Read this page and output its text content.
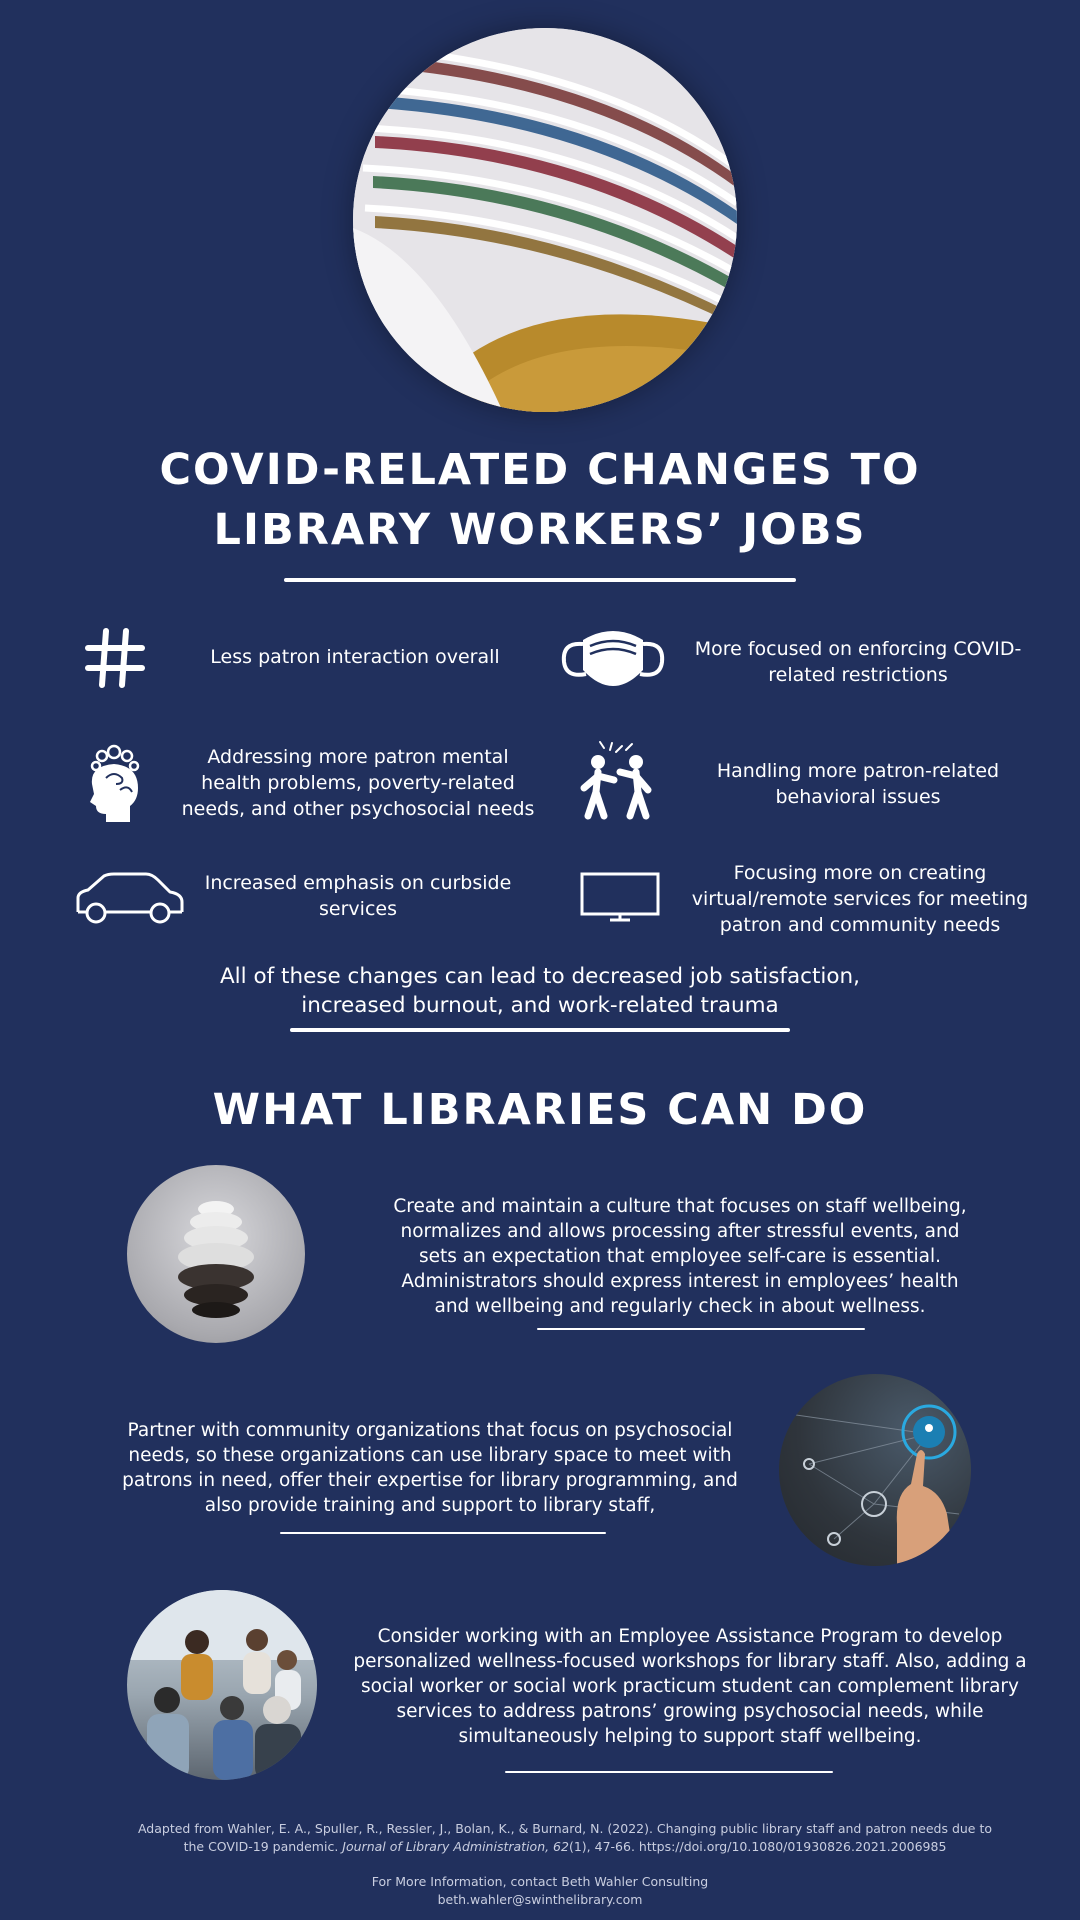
COVID-RELATED CHANGES TO
LIBRARY WORKERS’ JOBS
Less patron interaction overall	More focused on enforcing COVID-related restrictions
Addressing more patron mental health problems, poverty-related needs, and other psychosocial needs
Handling more patron-related behavioral issues
Increased emphasis on curbside services
Focusing more on creating virtual/remote services for meeting patron and community needs
All of these changes can lead to decreased job satisfaction, increased burnout, and work-related trauma
WHAT LIBRARIES CAN DO
Create and maintain a culture that focuses on staff wellbeing, normalizes and allows processing after stressful events, and sets an expectation that employee self-care is essential. Administrators should express interest in employees’ health and wellbeing and regularly check in about wellness.
Partner with community organizations that focus on psychosocial needs, so these organizations can use library space to meet with patrons in need, offer their expertise for library programming, and also provide training and support to library staff,
Consider working with an Employee Assistance Program to develop personalized wellness-focused workshops for library staff. Also, adding a social worker or social work practicum student can complement library services to address patrons’ growing psychosocial needs, while simultaneously helping to support staff wellbeing.
Adapted from Wahler, E. A., Spuller, R., Ressler, J., Bolan, K., & Burnard, N. (2022). Changing public library staff and patron needs due to the COVID-19 pandemic. Journal of Library Administration, 62(1), 47-66. https://doi.org/10.1080/01930826.2021.2006985
For More Information, contact Beth Wahler Consulting
beth.wahler@swinthelibrary.com
